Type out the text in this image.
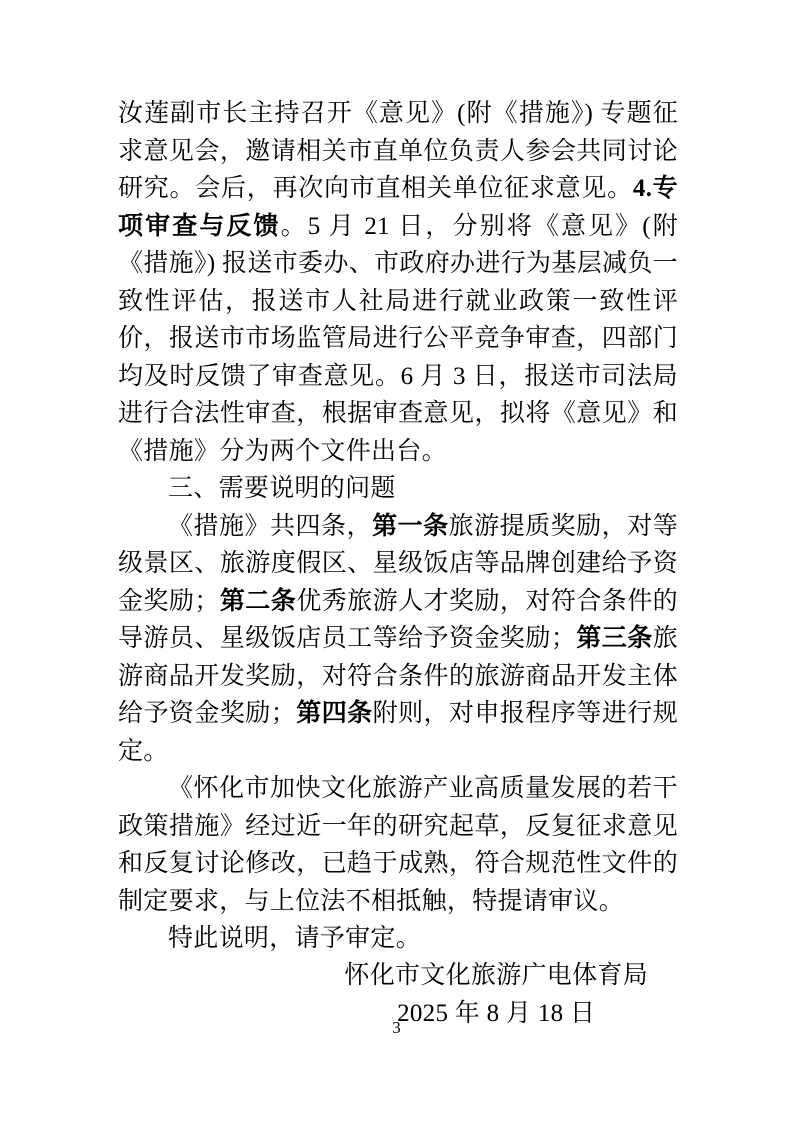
汝莲副市长主持召开《意见》(附《措施》) 专题征求意见会，邀请相关市直单位负责人参会共同讨论研究。会后，再次向市直相关单位征求意见。4.专项审查与反馈。5 月 21 日，分别将《意见》(附《措施》) 报送市委办、市政府办进行为基层减负一致性评估，报送市人社局进行就业政策一致性评价，报送市市场监管局进行公平竞争审查，四部门均及时反馈了审查意见。6 月 3 日，报送市司法局进行合法性审查，根据审查意见，拟将《意见》和《措施》分为两个文件出台。

三、需要说明的问题

《措施》共四条，第一条旅游提质奖励，对等级景区、旅游度假区、星级饭店等品牌创建给予资金奖励；第二条优秀旅游人才奖励，对符合条件的导游员、星级饭店员工等给予资金奖励；第三条旅游商品开发奖励，对符合条件的旅游商品开发主体给予资金奖励；第四条附则，对申报程序等进行规定。

《怀化市加快文化旅游产业高质量发展的若干政策措施》经过近一年的研究起草，反复征求意见和反复讨论修改，已趋于成熟，符合规范性文件的制定要求，与上位法不相抵触，特提请审议。

特此说明，请予审定。

怀化市文化旅游广电体育局
2025 年 8 月 18 日
3
